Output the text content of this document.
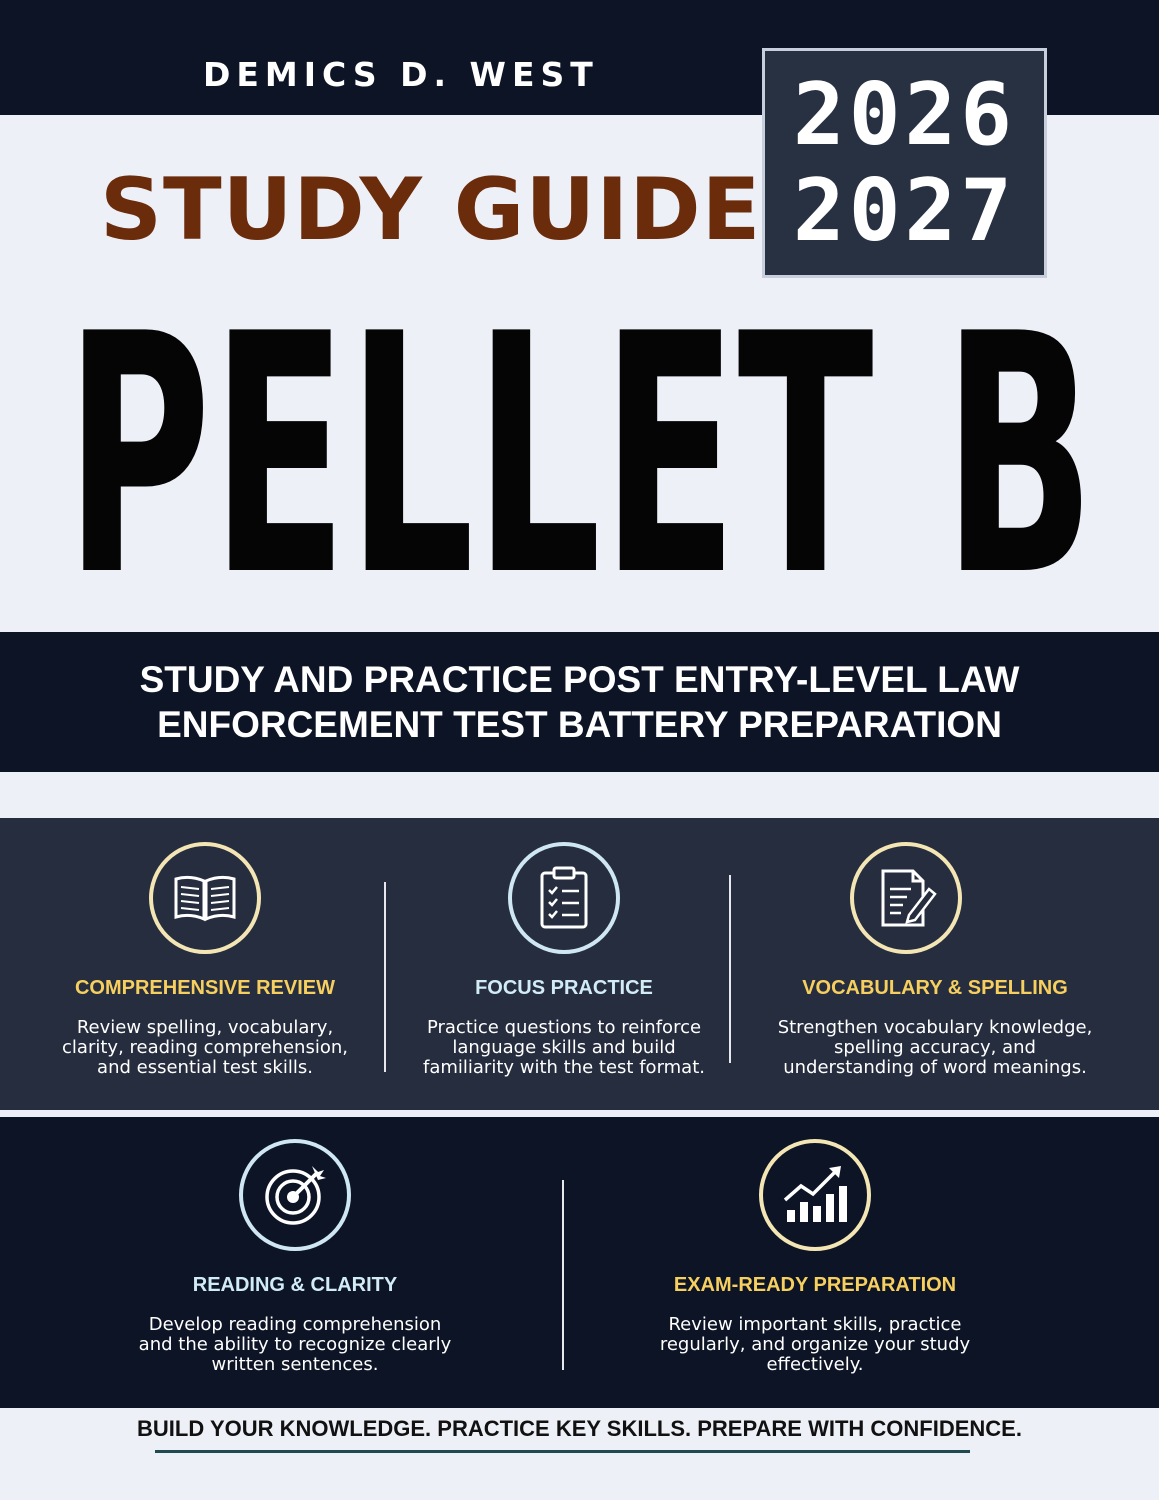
DEMICS D. WEST 2026
2027
STUDY GUIDE
PELLET B
STUDY AND PRACTICE POST ENTRY-LEVEL LAW
ENFORCEMENT TEST BATTERY PREPARATION
COMPREHENSIVE REVIEW
Review spelling, vocabulary,
clarity, reading comprehension,
and essential test skills.
FOCUS PRACTICE
Practice questions to reinforce
language skills and build
familiarity with the test format.
VOCABULARY & SPELLING
Strengthen vocabulary knowledge,
spelling accuracy, and
understanding of word meanings.
READING & CLARITY
Develop reading comprehension
and the ability to recognize clearly
written sentences.
EXAM-READY PREPARATION
Review important skills, practice
regularly, and organize your study
effectively.
BUILD YOUR KNOWLEDGE. PRACTICE KEY SKILLS. PREPARE WITH CONFIDENCE.
